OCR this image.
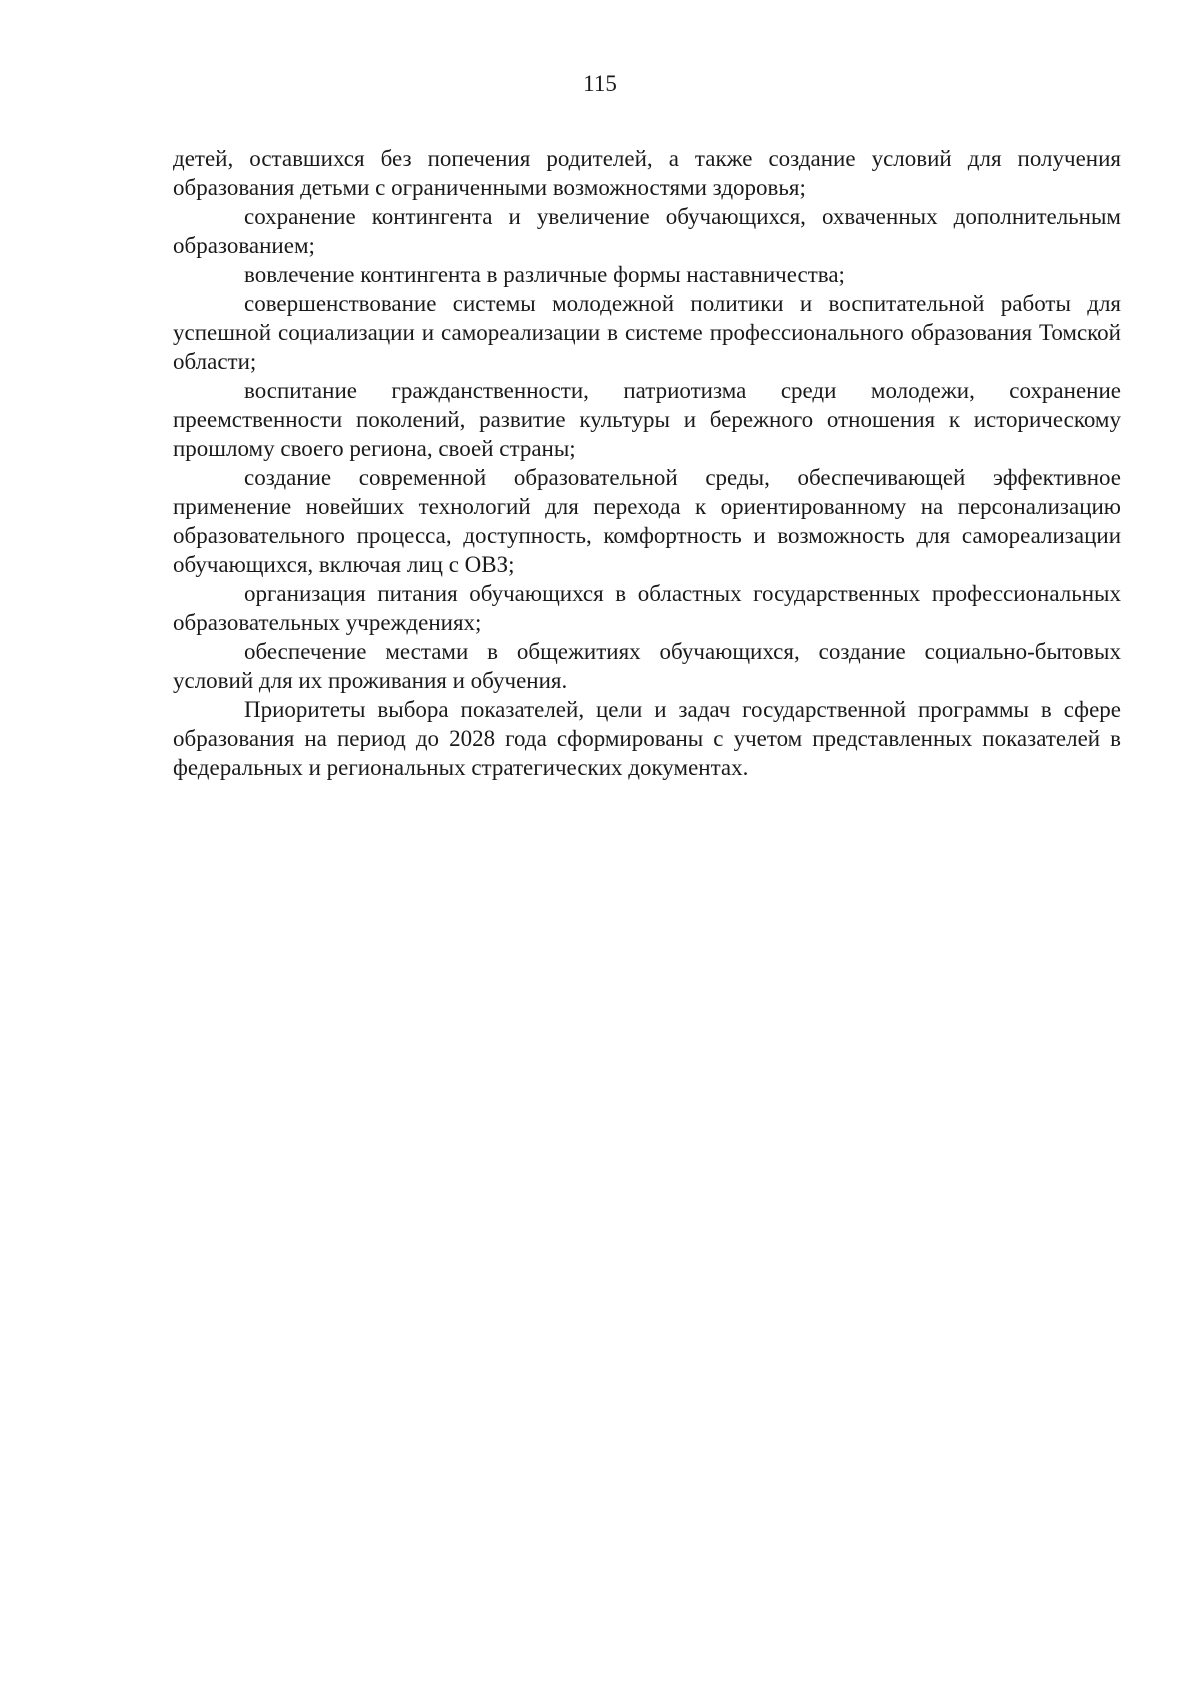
115

детей, оставшихся без попечения родителей, а также создание условий для получения образования детьми с ограниченными возможностями здоровья;

сохранение контингента и увеличение обучающихся, охваченных дополнительным образованием;

вовлечение контингента в различные формы наставничества;

совершенствование системы молодежной политики и воспитательной работы для успешной социализации и самореализации в системе профессионального образования Томской области;

воспитание гражданственности, патриотизма среди молодежи, сохранение преемственности поколений, развитие культуры и бережного отношения к историческому прошлому своего региона, своей страны;

создание современной образовательной среды, обеспечивающей эффективное применение новейших технологий для перехода к ориентированному на персонализацию образовательного процесса, доступность, комфортность и возможность для самореализации обучающихся, включая лиц с ОВЗ;

организация питания обучающихся в областных государственных профессиональных образовательных учреждениях;

обеспечение местами в общежитиях обучающихся, создание социально-бытовых условий для их проживания и обучения.

Приоритеты выбора показателей, цели и задач государственной программы в сфере образования на период до 2028 года сформированы с учетом представленных показателей в федеральных и региональных стратегических документах.
